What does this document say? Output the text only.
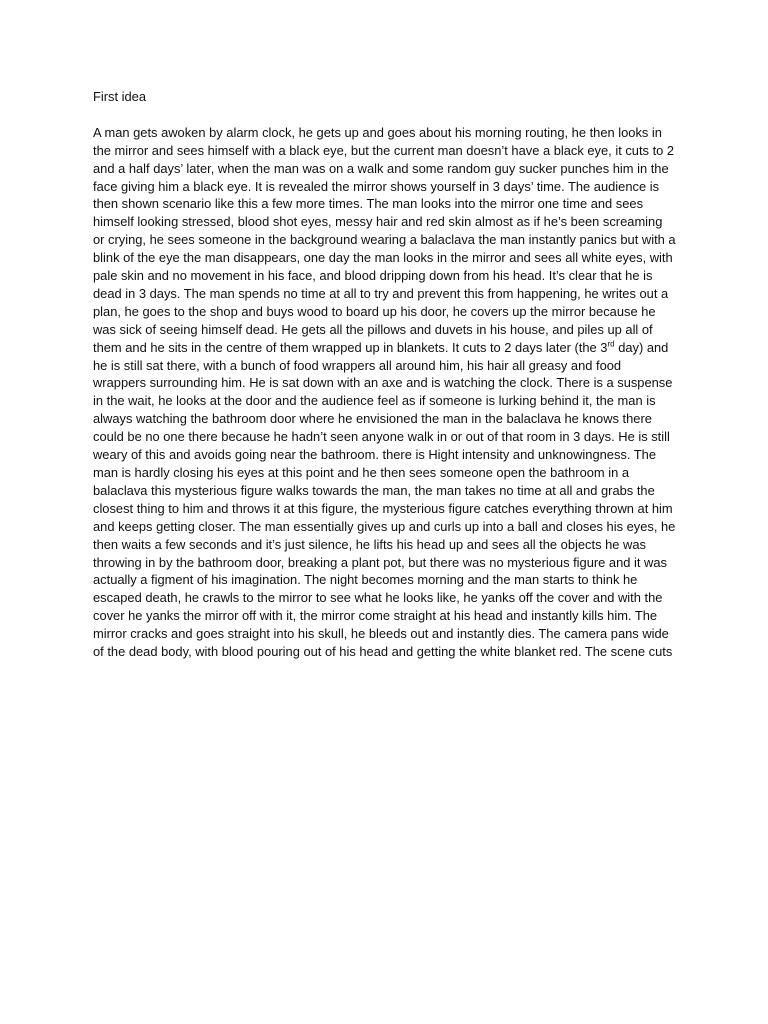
First idea

A man gets awoken by alarm clock, he gets up and goes about his morning routing, he then looks in the mirror and sees himself with a black eye, but the current man doesn’t have a black eye, it cuts to 2 and a half days’ later, when the man was on a walk and some random guy sucker punches him in the face giving him a black eye. It is revealed the mirror shows yourself in 3 days’ time. The audience is then shown scenario like this a few more times. The man looks into the mirror one time and sees himself looking stressed, blood shot eyes, messy hair and red skin almost as if he’s been screaming or crying, he sees someone in the background wearing a balaclava the man instantly panics but with a blink of the eye the man disappears, one day the man looks in the mirror and sees all white eyes, with pale skin and no movement in his face, and blood dripping down from his head. It’s clear that he is dead in 3 days. The man spends no time at all to try and prevent this from happening, he writes out a plan, he goes to the shop and buys wood to board up his door, he covers up the mirror because he was sick of seeing himself dead. He gets all the pillows and duvets in his house, and piles up all of them and he sits in the centre of them wrapped up in blankets. It cuts to 2 days later (the 3rd day) and he is still sat there, with a bunch of food wrappers all around him, his hair all greasy and food wrappers surrounding him. He is sat down with an axe and is watching the clock. There is a suspense in the wait, he looks at the door and the audience feel as if someone is lurking behind it, the man is always watching the bathroom door where he envisioned the man in the balaclava he knows there could be no one there because he hadn’t seen anyone walk in or out of that room in 3 days. He is still weary of this and avoids going near the bathroom. there is Hight intensity and unknowingness. The man is hardly closing his eyes at this point and he then sees someone open the bathroom in a balaclava this mysterious figure walks towards the man, the man takes no time at all and grabs the closest thing to him and throws it at this figure, the mysterious figure catches everything thrown at him and keeps getting closer. The man essentially gives up and curls up into a ball and closes his eyes, he then waits a few seconds and it’s just silence, he lifts his head up and sees all the objects he was throwing in by the bathroom door, breaking a plant pot, but there was no mysterious figure and it was actually a figment of his imagination. The night becomes morning and the man starts to think he escaped death, he crawls to the mirror to see what he looks like, he yanks off the cover and with the cover he yanks the mirror off with it, the mirror come straight at his head and instantly kills him. The mirror cracks and goes straight into his skull, he bleeds out and instantly dies. The camera pans wide of the dead body, with blood pouring out of his head and getting the white blanket red. The scene cuts
